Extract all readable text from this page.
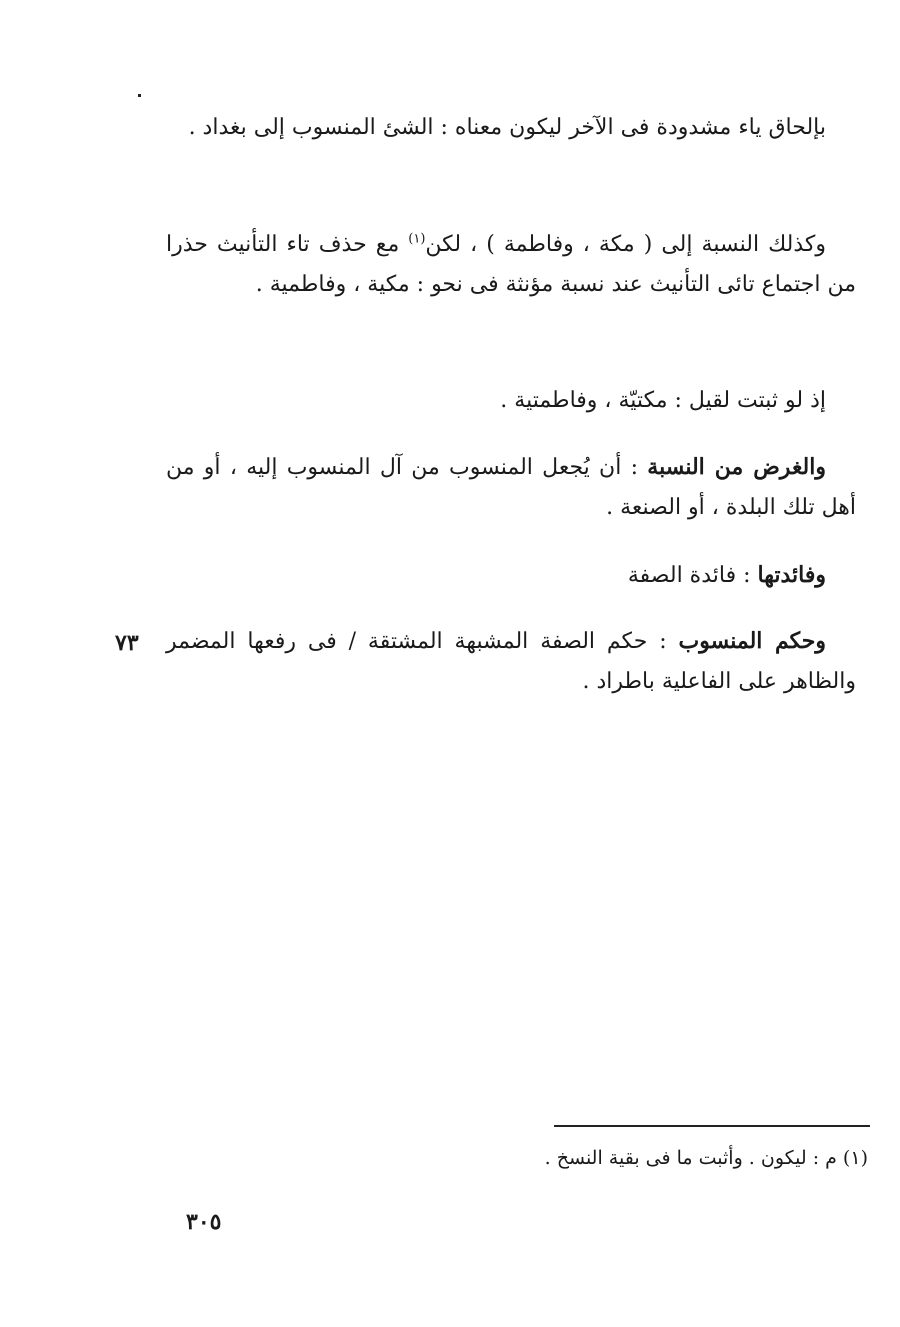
بإلحاق ياء مشدودة فى الآخر ليكون معناه : الشئ المنسوب إلى بغداد .

وكذلك النسبة إلى ( مكة ، وفاطمة ) ، لكن$^{(١)}$ مع حذف تاء التأنيث حذرا من اجتماع تائى التأنيث عند نسبة مؤنثة فى نحو : مكية ، وفاطمية .

إذ لو ثبتت لقيل : مكتيّة ، وفاطمتية .

والغرض من النسبة : أن يُجعل المنسوب من آل المنسوب إليه ، أو من أهل تلك البلدة ، أو الصنعة .

وفائدتها : فائدة الصفة

وحكم المنسوب : حكم الصفة المشبهة المشتقة / فى رفعها المضمر والظاهر على الفاعلية باطراد .

٧٣
(١) م : ليكون . وأثبت ما فى بقية النسخ .
٣٠٥
